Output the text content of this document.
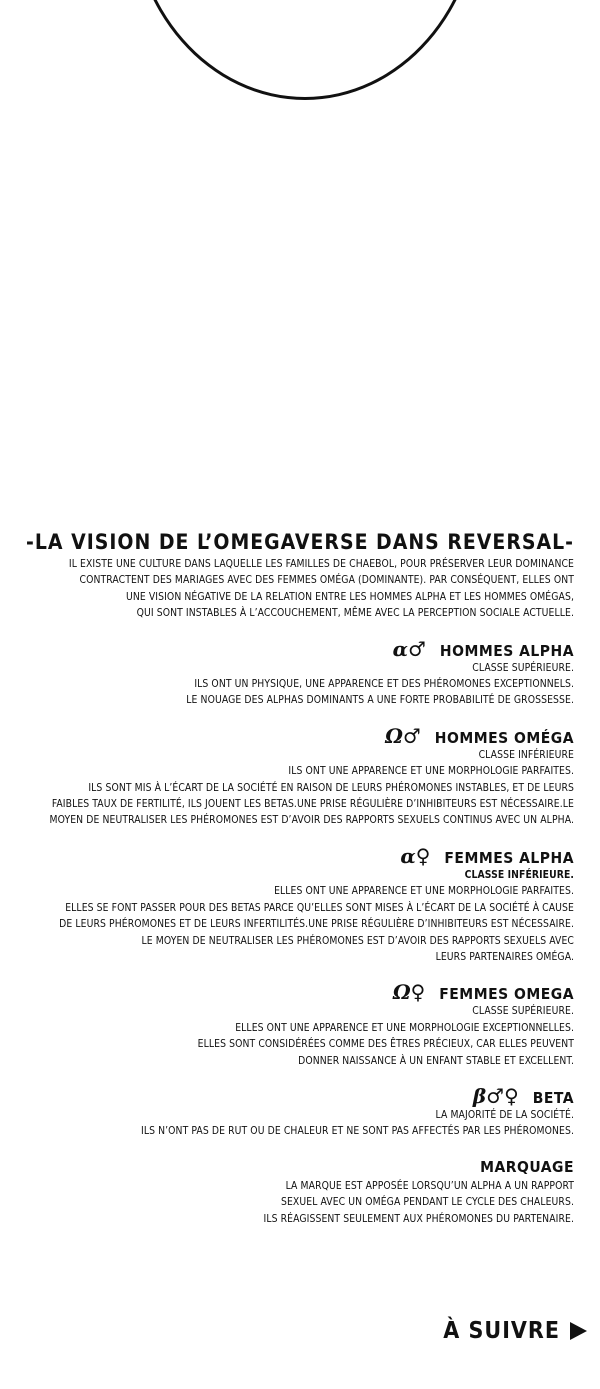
-LA VISION DE L’OMEGAVERSE DANS REVERSAL-
IL EXISTE UNE CULTURE DANS LAQUELLE LES FAMILLES DE CHAEBOL, POUR PRÉSERVER LEUR DOMINANCE
CONTRACTENT DES MARIAGES AVEC DES FEMMES OMÉGA (DOMINANTE). PAR CONSÉQUENT, ELLES ONT
UNE VISION NÉGATIVE DE LA RELATION ENTRE LES HOMMES ALPHA ET LES HOMMES OMÉGAS,
QUI SONT INSTABLES À L’ACCOUCHEMENT, MÊME AVEC LA PERCEPTION SOCIALE ACTUELLE.
α♂ HOMMES ALPHA
CLASSE SUPÉRIEURE.
ILS ONT UN PHYSIQUE, UNE APPARENCE ET DES PHÉROMONES EXCEPTIONNELS.
LE NOUAGE DES ALPHAS DOMINANTS A UNE FORTE PROBABILITÉ DE GROSSESSE.
Ω♂ HOMMES OMÉGA
CLASSE INFÉRIEURE
ILS ONT UNE APPARENCE ET UNE MORPHOLOGIE PARFAITES.
ILS SONT MIS À L’ÉCART DE LA SOCIÉTÉ EN RAISON DE LEURS PHÉROMONES INSTABLES, ET DE LEURS
FAIBLES TAUX DE FERTILITÉ, ILS JOUENT LES BETAS.UNE PRISE RÉGULIÈRE D’INHIBITEURS EST NÉCESSAIRE.LE
MOYEN DE NEUTRALISER LES PHÉROMONES EST D’AVOIR DES RAPPORTS SEXUELS CONTINUS AVEC UN ALPHA.
α♀ FEMMES ALPHA
CLASSE INFÉRIEURE.
ELLES ONT UNE APPARENCE ET UNE MORPHOLOGIE PARFAITES.
ELLES SE FONT PASSER POUR DES BETAS PARCE QU’ELLES SONT MISES À L’ÉCART DE LA SOCIÉTÉ À CAUSE
DE LEURS PHÉROMONES ET DE LEURS INFERTILITÉS.UNE PRISE RÉGULIÈRE D’INHIBITEURS EST NÉCESSAIRE.
LE MOYEN DE NEUTRALISER LES PHÉROMONES EST D’AVOIR DES RAPPORTS SEXUELS AVEC
LEURS PARTENAIRES OMÉGA.
Ω♀ FEMMES OMEGA
CLASSE SUPÉRIEURE.
ELLES ONT UNE APPARENCE ET UNE MORPHOLOGIE EXCEPTIONNELLES.
ELLES SONT CONSIDÉRÉES COMME DES ÊTRES PRÉCIEUX, CAR ELLES PEUVENT
DONNER NAISSANCE À UN ENFANT STABLE ET EXCELLENT.
β♂♀ BETA
LA MAJORITÉ DE LA SOCIÉTÉ.
ILS N’ONT PAS DE RUT OU DE CHALEUR ET NE SONT PAS AFFECTÉS PAR LES PHÉROMONES.
MARQUAGE
LA MARQUE EST APPOSÉE LORSQU’UN ALPHA A UN RAPPORT
SEXUEL AVEC UN OMÉGA PENDANT LE CYCLE DES CHALEURS.
ILS RÉAGISSENT SEULEMENT AUX PHÉROMONES DU PARTENAIRE.
À SUIVRE
